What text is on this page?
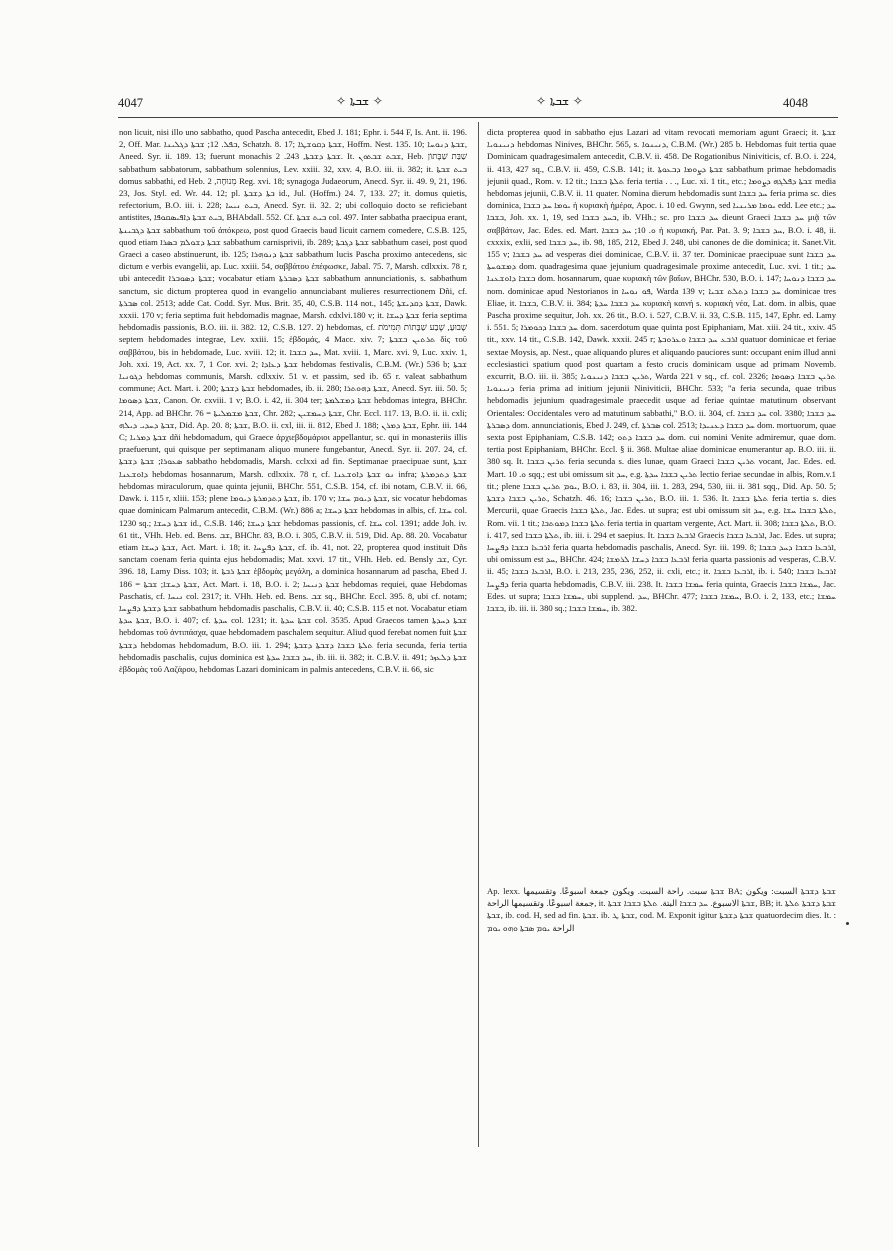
4047	✧ ܫܒܬܐ ✧	✧ ܫܒܬܐ ✧	4048

non licuit, nisi illo uno sabbatho, quod Pascha antecedit, Ebed J. 181; Ephr. i. 544 F, Is. Ant. ii. 196. 2, Off. Mar. ܒܦܠ. 12; ܫܒܬܐ ܕܓܠܝܢܐ, Schatzh. 8. 17; ܫܒܬܐ ܕܩܘܫܛܐ, Hoffm. Nest. 135. 10; ܫܒܬܐ ܕܢܘܚܐ, Aneed. Syr. ii. 189. 13; fuerunt monachis ܫܒܬܐ ܕܫܒܬܐ, 243. 2. It. ܫܒܬ ܫܒܬܘܢ, Heb. שַׁבַּת שַׁבָּתוֹן sabbathum sabbatorum, sabbathum solennius, Lev. xxiii. 32, xxv. 4, B.O. iii. ii. 382; it. ܒܝܬ ܫܒܬܐ domus sabbathi, ed Heb. מְנוּחָה, 2 Reg. xvi. 18; synagoga Judaeorum, Anecd. Syr. ii. 49. 9, 21, 196. 23, Jos. Styl. ed. Wr. 44. 12; pl. ܒܬܐ ܕܫܒܬܐ id., Jul. (Hoffm.) 24. 7, 133. 27; it. domus quietis, refectorium, B.O. iii. i. 228; ܒܝܬ ܢܝܚܐ, Anecd. Syr. ii. 32. 2; ubi colloquio docto se reficiebant antistites, ܒܝܬ ܫܒܬܐ ܕܐܦܝܣܩܘܦܐ, BHAbdall. 552. Cf. ܒܝܬ ܫܒܬܐ col. 497. Inter sabbatha praecipua erant, ܫܒܬܐ ܕܓܒܝܢܬܐ sabbathum τοῦ ἀπόκρεω, post quod Graecis baud licuit carnem comedere, C.S.B. 125, quod etiam ܫܒܬܐ ܕܫܘܠܡ ܒܣܪܐ sabbathum carnisprivii, ib. 289; ܫܒܬܐ ܕܓܒܬܐ sabbathum casei, post quod Graeci a caseo abstinuerunt, ib. 125; ܫܒܬܐ ܕܢܘܗܪܐ sabbathum lucis Pascha proximo antecedens, sic dictum e verbis evangelii, ap. Luc. xxiii. 54, σαββάτου ἐπέφωσκε, Jabal. 75. 7, Marsh. cdlxxix. 78 r, ubi antecedit ܫܒܬܐ ܕܣܘܒܪܐ; vocabatur etiam ܫܒܬܐ ܕܣܒܪܬܐ sabbathum annunciationis, s. sabbathum sanctum, sic dictum propterea quod in evangelio annunciabant mulieres resurrectionem Dñi, cf. ܣܒܪܬܐ col. 2513; adde Cat. Codd. Syr. Mus. Brit. 35, 40, C.S.B. 114 not., 145; ܫܒܬܐ ܕܩܕܝܫܬܐ, Dawk. xxxii. 170 v; feria septima fuit hebdomadis magnae, Marsh. cdxlvi.180 v; it. ܫܒܬܐ ܕܚܫܐ feria septima hebdomadis passionis, B.O. iii. ii. 382. 12, C.S.B. 127. 2) hebdomas, cf. שָׁבוּעַ, שֶׁבַע שַׁבָּתוֹת תְּמִימֹת septem hebdomades integrae, Lev. xxiii. 15; ἑβδομάς, 4 Macc. xiv. 7; ܬܪܬܝܢ ܒܫܒܬܐ δὶς τοῦ σαββάτου, bis in hebdomade, Luc. xviii. 12; it. ܚܕ ܒܫܒܐ, Mat. xviii. 1, Marc. xvi. 9, Luc. xxiv. 1, Joh. xxi. 19, Act. xx. 7, 1 Cor. xvi. 2; ܫܒܬܐ ܕܥܐܕܐ hebdomas festivalis, C.B.M. (Wr.) 536 b; ܫܒܬܐ ܕܓܘܢܝܐ hebdomas communis, Marsh. cdlxxiv. 51 v. et passim, sed ib. 65 r. valeat sabbathum commune; Act. Mart. i. 200; ܫܒܬܐ ܕܫܒܬܐ hebdomades, ib. ii. 280; ܫܒܬܐ ܕܗܘܬܪܐ, Anecd. Syr. iii. 50. 5; ܫܒܬܐ ܕܣܘܡܐ, Canon. Or. cxviii. 1 v; B.O. i. 42, ii. 304 ter; ܫܒܬܐ ܕܡܫܠܡܬܐ hebdomas integra, BHChr. 214, App. ad BHChr. 76 = ܫܒܬܐ ܡܫܡܠܝܬܐ, Chr. 282; ܫܒܬܐ ܕܚܡܫܝܢ, Chr. Eccl. 117. 13, B.O. ii. ii. cxli; ܫܒܬܐ ܕܚܕܝ ܕܝܠܗ, Did. Ap. 20. 8; ܫܒܬܐ, B.O. ii. cxl, iii. ii. 812, Ebed J. 188; ܫܒܬܐ ܕܡܪܢ, Ephr. iii. 144 C; ܫܒܬܐ ܕܡܪܝܐ dñi hebdomadum, qui Graece ἀρχιεβδομάριοι appellantur, sc. qui in monasteriis illis praefuerunt, qui quisque per septimanam aliquo munere fungebantur, Anecd. Syr. ii. 207. 24, cf. ܣܥܘܪܐ; ܫܒܬܐ ܕܫܒܬܐ sabbatho hebdomadis, Marsh. cclxxi ad fin. Septimanae praecipuae sunt, ܫܒܬܐ ܕܐܘܫܥܢܐ hebdomas hosannarum, Marsh. cdlxxix. 78 r, cf. ܢܘ ܫܒܬܐ ܕܐܘܫܥܢܐ infra; ܫܒܬܐ ܕܬܕܡܪܬܐ hebdomas miraculorum, quae quinta jejunii, BHChr. 551, C.S.B. 154, cf. ibi notam, C.B.V. ii. 66, Dawk. i. 115 r, xliii. 153; plene ܫܒܬܐ ܕܬܕܡܪܬܐ ܕܝܘܡܐ, ib. 170 v; ܫܒܬܐ ܕܝܘܡ ܚܫܐ, sic vocatur hebdomas quae dominicam Palmarum antecedit, C.B.M. (Wr.) 886 a; ܫܒܬܐ ܕܚܫܐ hebdomas in albis, cf. ܚܫܐ col. 1230 sq.; ܫܒܬܐ ܕܚܫܐ id., C.S.B. 146; ܫܒܬܐ ܕܚܫܐ hebdomas passionis, cf. ܚܫܐ col. 1391; adde Joh. iv. 61 tit., VHh. Heb. ed. Bens. ܫܒ, BHChr. 83, B.O. i. 305, C.B.V. ii. 519, Did. Ap. 88. 20. Vocabatur etiam ܫܒܬܐ ܕܚܫܐ, Act. Mart. i. 18; it. ܫܒܬܐ ܕܦܨܚܐ, cf. ib. 41, not. 22, propterea quod instituit Dñs sanctam coenam feria quinta ejus hebdomadis; Mat. xxvi. 17 tit., VHh. Heb. ed. Bensly ܫܒ, Cyr. 396. 18, Lamy Diss. 103; it. ܫܒܬܐ ܪܒܬܐ ἑβδομὰς μεγάλη, a dominica hosannarum ad pascha, Ebed J. 186 = ܫܒܬܐ ܕܚܫܐ; ܫܒܬܐ, Act. Mart. i. 18, B.O. i. 2; ܫܒܬܐ ܕܢܝܚܐ hebdomas requiei, quae Hebdomas Paschatis, cf. ܢܝܚܐ col. 2317; it. VHh. Heb. ed. Bens. ܫܒ sq., BHChr. Eccl. 395. 8, ubi cf. notam; ܫܒܬܐ ܕܫܒܬܐ ܕܦܨܚܐ sabbathum hebdomadis paschalis, C.B.V. ii. 40; C.S.B. 115 et not. Vocabatur etiam ܫܒܬܐ ܚܕܬܐ, B.O. i. 407; cf. ܚܕܬܐ col. 1231; it. ܫܒܬܐ ܚܕܬܐ col. 3535. Apud Graecos tamen ܫܒܬܐ ܕܚܕܬܐ hebdomas τοῦ ἀντιπάσχα, quae hebdomadem paschalem sequitur. Aliud quod ferebat nomen fuit ܫܒܬܐ ܕܫܒܬܐ hebdomas hebdomadum, B.O. iii. 1. 294; ܬܠܬܐ ܒܫܒܐ ܕܫܒܬܐ ܕܫܒܬܐ feria secunda, feria tertia hebdomadis paschalis, cujus dominica est ܚܕ ܒܫܒܐ ܚܕܬܐ, ib. iii. ii. 382; it. C.B.V. ii. 491; ܫܒܬܐ ܕܠܥܙܪ ἑβδομὰς τοῦ Λαζάρου, hebdomas Lazari dominicam in palmis antecedens, C.B.V. ii. 66, sic

dicta propterea quod in sabbatho ejus Lazari ad vitam revocati memoriam agunt Graeci; it. ܫܒܬܐ ܕܢܝܢܘܝܐ hebdomas Ninives, BHChr. 565, s. ܕܢܝܢܘܐ, C.B.M. (Wr.) 285 b. Hebdomas fuit tertia quae Dominicam quadragesimalem antecedit, C.B.V. ii. 458. De Rogationibus Niniviticis, cf. B.O. i. 224, ii. 413, 427 sq., C.B.V. ii. 459, C.S.B. 141; it. ܫܒܬܐ ܕܨܘܡܐ ܕܒܥܘܬܐ sabbathum primae hebdomadis jejunii quad., Rom. v. 12 tit.; ܬܠܬܐ ܒܫܒܐ feria tertia . . ., Luc. xi. 1 tit., etc.; ܫܒܬܐ ܕܦܠܓܗ ܕܨܘܡܐ media hebdomas jejunii, C.B.V. ii. 11 quater. Nomina dierum hebdomadis sunt ܚܕ ܒܫܒܐ feria prima sc. dies dominica, ܝܘܡܐ ܚܕ ܒܫܒܐ ἡ κυριακὴ ἡμέρα, Apoc. i. 10 ed. Gwynn, sed ܝܘܡܐ ܡܪܝܢܝܐ edd. Lee etc.; ܚܕ ܒܫܒܐ, Joh. xx. 1, 19, sed ܒܚܕ ܒܫܒܐ, ib. VHh.; sc. pro ܚܕ ܒܫܒܐ dieunt Graeci ܚܕ ܒܫܒܐ μιᾷ τῶν σαββάτων, Jac. Edes. ed. Mart. ܘ. 10; ܚܕ ܒܫܒܐ ἡ κυριακή, Par. Pat. 3. 9; ܚܕ ܒܫܒܐ, B.O. i. 48, ii. cxxxix, exlii, sed ܚܕ ܒܫܒܐ, ib. 98, 185, 212, Ebed J. 248, ubi canones de die dominica; it. Sanet.Vit. 155 v; ܚܕ ܒܫܒܐ ad vesperas diei dominicae, C.B.V. ii. 37 ter. Dominicae praecipuae sunt ܚܕ ܒܫܒܐ ܕܡܫܘܚܬܐ dom. quadragesima quae jejunium quadragesimale proxime antecedit, Luc. xvi. 1 tit.; ܚܕ ܒܫܒܐ ܕܐܘܫܥܢܐ dom. hosannarum, quae κυριακὴ τῶν βαΐων, BHChr. 530, B.O. i. 147; ܚܕ ܒܫܒܐ ܕܢܘܚܐ nom. dominicae apud Nestorianos in ܦܘ ܢܘܚܐ, Warda 139 v; ܚܕ ܒܫܒܐ ܕܬܠܬ ܫܒܝܐ dominicae tres Eliae, it. ܒܫܒܐ, C.B.V. ii. 384; ܚܕ ܒܫܒܐ ܚܕܬܐ κυριακὴ καινή s. κυριακὴ νέα, Lat. dom. in albis, quae Pascha proxime sequitur, Joh. xx. 26 tit., B.O. i. 527, C.B.V. ii. 33, C.S.B. 115, 147, Ephr. ed. Lamy i. 551. 5; ܚܕ ܒܫܒܐ ܕܟܘܡܪܐ dom. sacerdotum quae quinta post Epiphaniam, Mat. xiii. 24 tit., xxiv. 45 tit., xxv. 14 tit., C.S.B. 142, Dawk. xxxii. 245 r; ܐܪܒܥ ܚܕ ܒܫܒܐ ܘܥܪܘܒܬܐ quatuor dominicae et feriae sextae Moysis, ap. Nest., quae aliquando plures et aliquando pauciores sunt: occupant enim illud anni ecclesiastici spatium quod post quartam a festo crucis dominicam usque ad primam Novemb. excurrit, B.O. iii. ii. 385; ܬܪܝܢ ܒܫܒܐ ܕܢܝܢܘܝܐ, Warda 221 v sq., cf. col. 2326; ܬܪܝܢ ܒܫܒܐ ܕܣܘܡܐ ܕܢܝܢܘܝܐ feria prima ad initium jejunii Niniviticii, BHChr. 533; "a feria secunda, quae tribus hebdomadis jejunium quadragesimale praecedit usque ad feriae quintae matutinum observant Orientales: Occidentales vero ad matutinum sabbathi," B.O. ii. 304, cf. ܚܕ ܒܫܒܐ col. 3380; ܚܕ ܒܫܒܐ ܕܣܒܪܬܐ dom. annunciationis, Ebed J. 249, cf. ܣܒܪܬܐ col. 2513; ܚܕ ܒܫܒܐ ܕܥܢܝܕܐ dom. mortuorum, quae sexta post Epiphaniam, C.S.B. 142; ܚܕ ܒܫܒܐ ܕܬܘ dom. cui nomini Venite admiremur, quae dom. tertia post Epiphaniam, BHChr. Eccl. § ii. 368. Multae aliae dominicae enumerantur ap. B.O. iii. ii. 380 sq. It. ܬܪܝܢ ܒܫܒܐ feria secunda s. dies lunae, quam Graeci ܬܪܝܢ ܒܫܒܐ vocant, Jac. Edes. ed. Mart. ܘ. 10 sqq.; est ubi omissum sit ܚܕ, e.g. ܬܪܝܢ ܒܫܒܐ ܚܕܬܐ lectio feriae secundae in albis, Rom.v.1 tit.; plene ܝܘܡ ܬܪܝܢ ܒܫܒܐ, B.O. i. 83, ii. 304, iii. 1. 283, 294, 530, iii. ii. 381 sqq., Did. Ap. 50. 5; ܬܪܝܢ ܒܫܒܐ ܕܫܒܬܐ, Schatzh. 46. 16; ܬܪܝܢ ܒܫܒܐ, B.O. iii. 1. 536. It. ܬܠܬܐ ܒܫܒܐ feria tertia s. dies Mercurii, quae Graecis ܬܠܬܐ ܒܫܒܐ, Jac. Edes. ut supra; est ubi omissum sit ܚܕ, e.g. ܬܠܬܐ ܒܫܒܐ ܚܫܐ, Rom. vii. 1 tit.; ܬܠܬܐ ܒܫܒܐ ܕܡܘܬܒܐ feria tertia in quartam vergente, Act. Mart. ii. 308; ܬܠܬܐ ܒܫܒܐ, B.O. i. 417, sed ܬܠܬܐ ܒܫܒܐ, ib. iii. i. 294 et saepius. It. ܐܪܒܥܐ ܒܫܒܐ Graecis ܐܪܒܥܐ ܒܫܒܐ, Jac. Edes. ut supra; ܐܪܒܥܐ ܒܫܒܐ ܕܦܨܚܐ feria quarta hebdomadis paschalis, Anecd. Syr. iii. 199. 8; ܐܪܒܥܐ ܒܫܒܐ ܕܚܕ ܒܫܒܐ, ubi omissum est ܚܕ, BHChr. 424; ܐܪܒܥܐ ܒܫܒܐ ܕܚܫܐ ܠܪܡܫܐ feria quarta passionis ad vesperas, C.B.V. ii. 45; ܐܪܒܥܐ ܒܫܒܐ, B.O. i. 213, 235, 236, 252, ii. cxli, etc.; it. ܐܪܒܥܐ ܒܫܒܐ, ib. i. 540; ܐܪܒܥܐ ܒܫܒܐ ܕܦܨܚܐ feria quarta hebdomadis, C.B.V. iii. 238. It. ܚܡܫܐ ܒܫܒܐ feria quinta, Graecis ܚܡܫܐ ܒܫܒܐ, Jac. Edes. ut supra; ܚܡܫܐ ܒܫܒܐ, ubi supplend. ܚܕ, BHChr. 477; ܚܡܫܐ ܒܫܒܐ, B.O. i. 2, 133, etc.; ܚܡܫܐ ܒܫܒܐ, ib. iii. ii. 380 sq.; ܚܡܫܐ ܒܫܒܐ, ib. 382.

Ap. lexx. ܫܒܬܐ سبت. راحة السبت. ويكون جمعة اسبوعًا. وتقسيمها BA; ܫܒܬܐ ܕܫܒܬܐ السبت: ويكون جمعة اسبوعًا. وتقسيمها الراحة, it. ܫܒܬܐ الاسبوع. ܚܕ ܒܫܒܐ البتة. ܬܠܬܐ ܒܫܒܐ ܫܒܬܐ, BB; it. ܫܒܬܐ ܕܫܒܬܐ ܬܠܬܐ ܫܒܬܐ, ib. cod. H, sed ad fin. ܫܒܬܐ. ib. ܫܒܬܐ ܛ, cod. M. Exponit igitur ܫܒܬܐ ܕܫܒܬܐ quatuordecim dies. It. : الراحة ܝܘܡ ܣܒܬܐ ܘܗܘ ܝܘܡ
